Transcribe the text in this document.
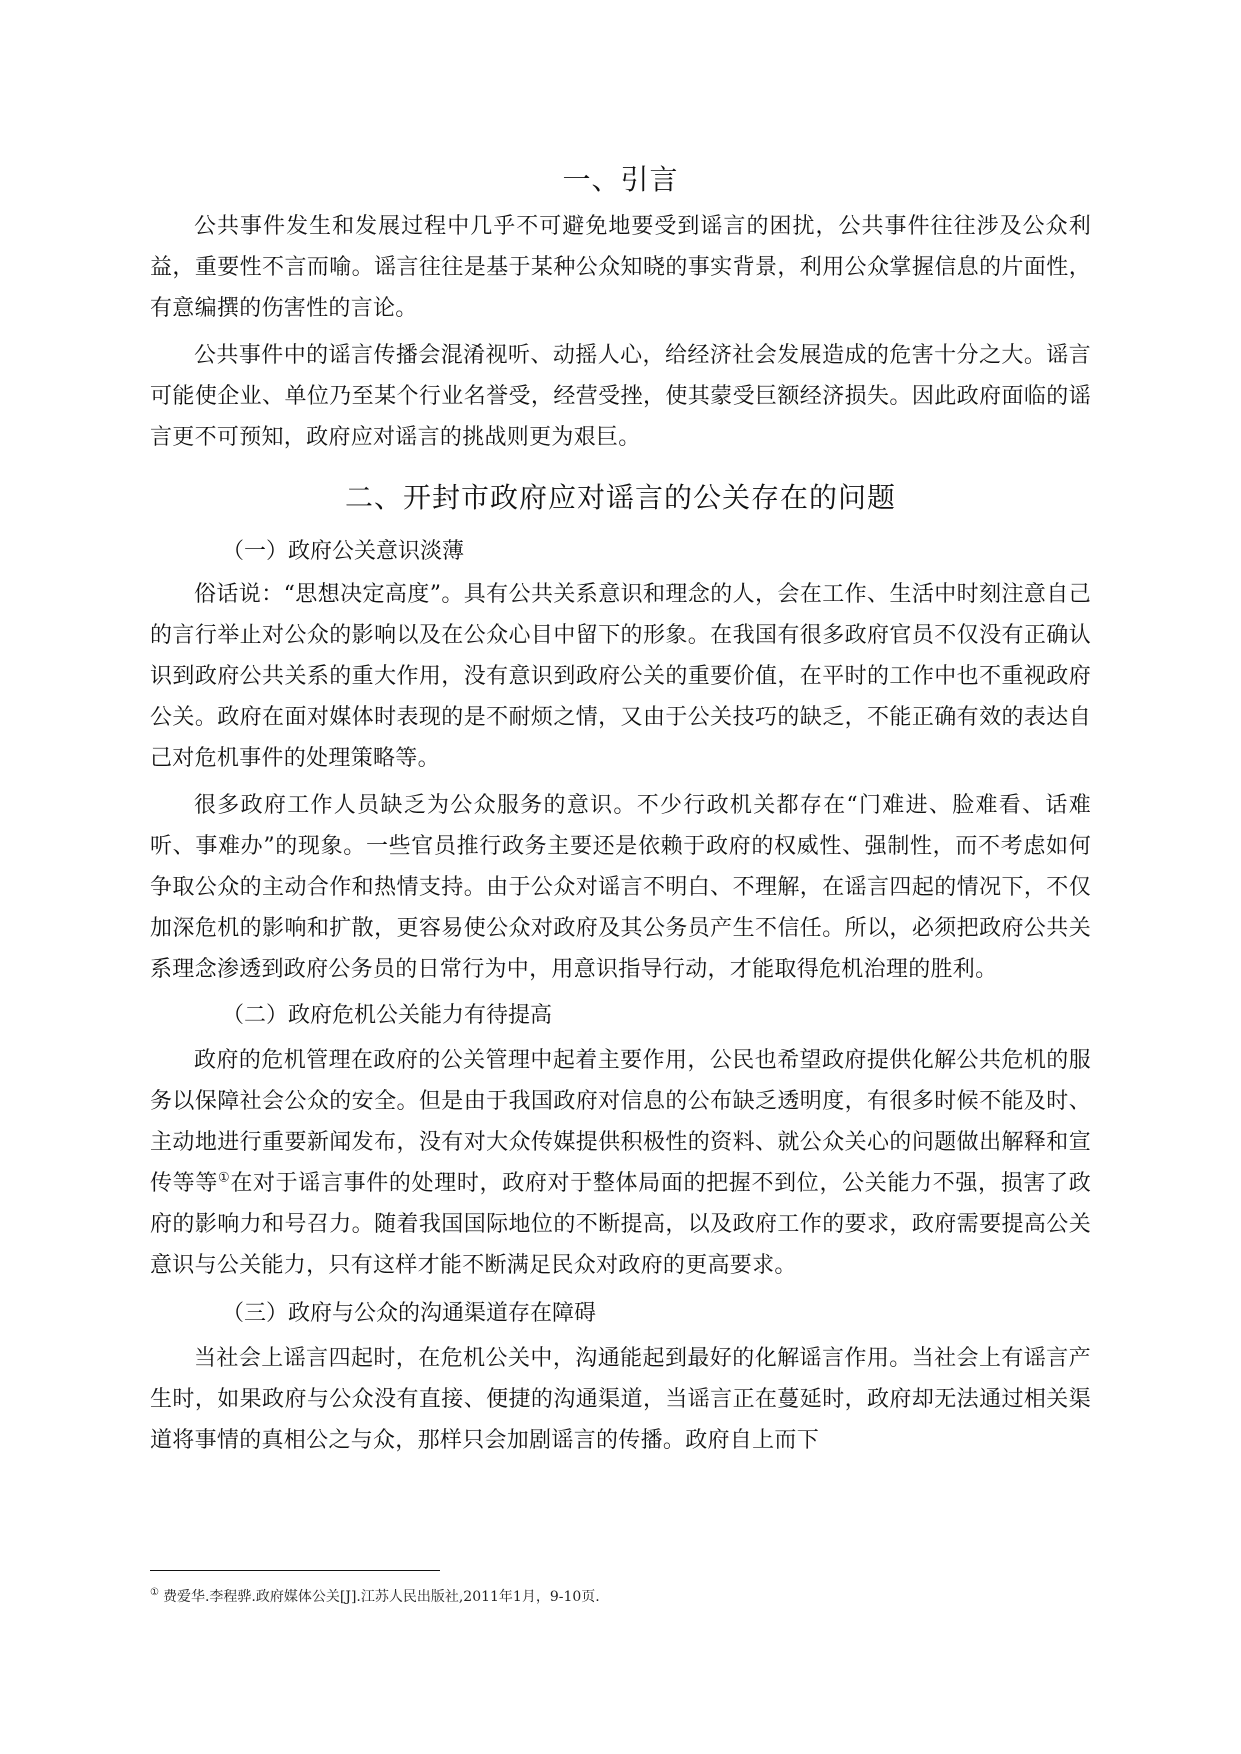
一、引言

公共事件发生和发展过程中几乎不可避免地要受到谣言的困扰，公共事件往往涉及公众利益，重要性不言而喻。谣言往往是基于某种公众知晓的事实背景，利用公众掌握信息的片面性，有意编撰的伤害性的言论。

公共事件中的谣言传播会混淆视听、动摇人心，给经济社会发展造成的危害十分之大。谣言可能使企业、单位乃至某个行业名誉受，经营受挫，使其蒙受巨额经济损失。因此政府面临的谣言更不可预知，政府应对谣言的挑战则更为艰巨。

二、开封市政府应对谣言的公关存在的问题
（一）政府公关意识淡薄

俗话说：“思想决定高度”。具有公共关系意识和理念的人，会在工作、生活中时刻注意自己的言行举止对公众的影响以及在公众心目中留下的形象。在我国有很多政府官员不仅没有正确认识到政府公共关系的重大作用，没有意识到政府公关的重要价值，在平时的工作中也不重视政府公关。政府在面对媒体时表现的是不耐烦之情，又由于公关技巧的缺乏，不能正确有效的表达自己对危机事件的处理策略等。

很多政府工作人员缺乏为公众服务的意识。不少行政机关都存在“门难进、脸难看、话难听、事难办”的现象。一些官员推行政务主要还是依赖于政府的权威性、强制性，而不考虑如何争取公众的主动合作和热情支持。由于公众对谣言不明白、不理解，在谣言四起的情况下，不仅加深危机的影响和扩散，更容易使公众对政府及其公务员产生不信任。所以，必须把政府公共关系理念渗透到政府公务员的日常行为中，用意识指导行动，才能取得危机治理的胜利。

（二）政府危机公关能力有待提高

政府的危机管理在政府的公关管理中起着主要作用，公民也希望政府提供化解公共危机的服务以保障社会公众的安全。但是由于我国政府对信息的公布缺乏透明度，有很多时候不能及时、主动地进行重要新闻发布，没有对大众传媒提供积极性的资料、就公众关心的问题做出解释和宣传等等①在对于谣言事件的处理时，政府对于整体局面的把握不到位，公关能力不强，损害了政府的影响力和号召力。随着我国国际地位的不断提高，以及政府工作的要求，政府需要提高公关意识与公关能力，只有这样才能不断满足民众对政府的更高要求。

（三）政府与公众的沟通渠道存在障碍

当社会上谣言四起时，在危机公关中，沟通能起到最好的化解谣言作用。当社会上有谣言产生时，如果政府与公众没有直接、便捷的沟通渠道，当谣言正在蔓延时，政府却无法通过相关渠道将事情的真相公之与众，那样只会加剧谣言的传播。政府自上而下

① 费爱华.李程骅.政府媒体公关[J].江苏人民出版社,2011年1月，9-10页.
